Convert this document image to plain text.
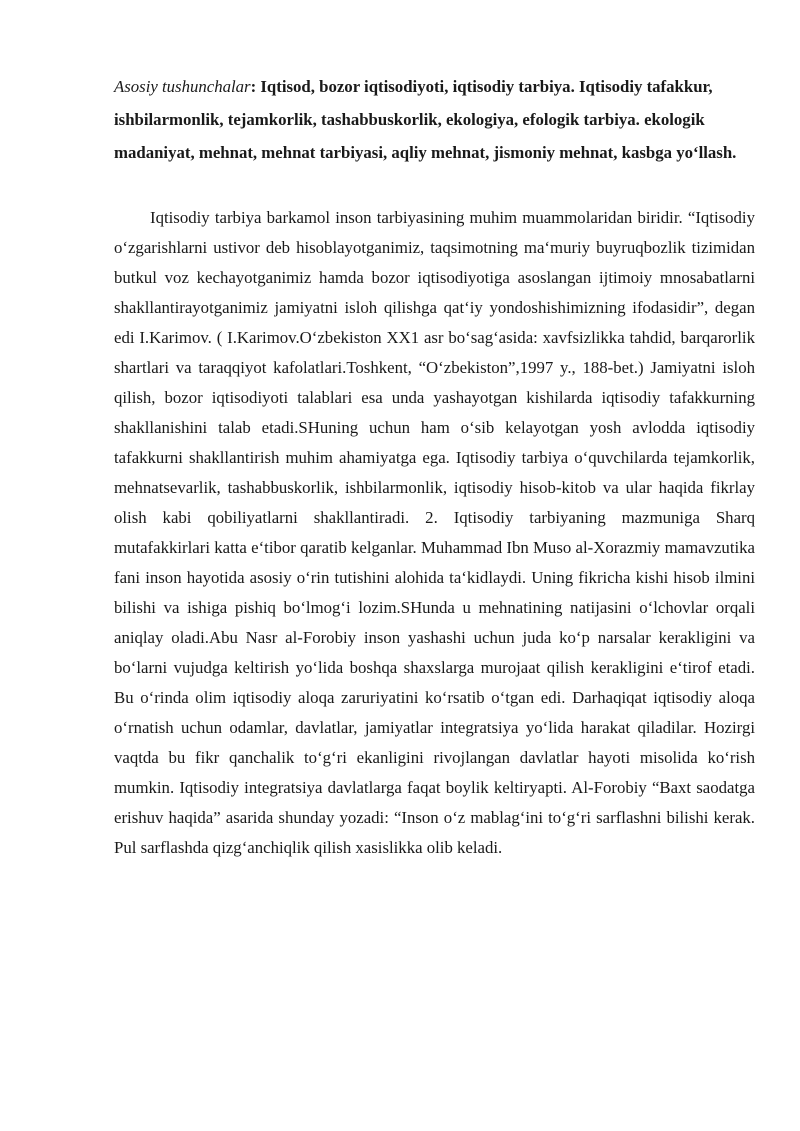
Asosiy tushunchalar: Iqtisod, bozor iqtisodiyoti, iqtisodiy tarbiya. Iqtisodiy tafakkur, ishbilarmonlik, tejamkorlik, tashabbuskorlik, ekologiya, efologik tarbiya. ekologik madaniyat, mehnat, mehnat tarbiyasi, aqliy mehnat, jismoniy mehnat, kasbga yo‘llash.

Iqtisodiy tarbiya barkamol inson tarbiyasining muhim muammolaridan biridir. “Iqtisodiy o‘zgarishlarni ustivor deb hisoblayotganimiz, taqsimotning ma‘muriy buyruqbozlik tizimidan butkul voz kechayotganimiz hamda bozor iqtisodiyotiga asoslangan ijtimoiy mnosabatlarni shakllantirayotganimiz jamiyatni isloh qilishga qat‘iy yondoshishimizning ifodasidir”, degan edi I.Karimov. ( I.Karimov.O‘zbekiston XX1 asr bo‘sag‘asida: xavfsizlikka tahdid, barqarorlik shartlari va taraqqiyot kafolatlari.Toshkent, “O‘zbekiston”,1997 y., 188-bet.) Jamiyatni isloh qilish, bozor iqtisodiyoti talablari esa unda yashayotgan kishilarda iqtisodiy tafakkurning shakllanishini talab etadi.SHuning uchun ham o‘sib kelayotgan yosh avlodda iqtisodiy tafakkurni shakllantirish muhim ahamiyatga ega. Iqtisodiy tarbiya o‘quvchilarda tejamkorlik, mehnatsevarlik, tashabbuskorlik, ishbilarmonlik, iqtisodiy hisob-kitob va ular haqida fikrlay olish kabi qobiliyatlarni shakllantiradi. 2. Iqtisodiy tarbiyaning mazmuniga Sharq mutafakkirlari katta e‘tibor qaratib kelganlar. Muhammad Ibn Muso al-Xorazmiy mamavzutika fani inson hayotida asosiy o‘rin tutishini alohida ta‘kidlaydi. Uning fikricha kishi hisob ilmini bilishi va ishiga pishiq bo‘lmog‘i lozim.SHunda u mehnatining natijasini o‘lchovlar orqali aniqlay oladi.Abu Nasr al-Forobiy inson yashashi uchun juda ko‘p narsalar kerakligini va bo‘larni vujudga keltirish yo‘lida boshqa shaxslarga murojaat qilish kerakligini e‘tirof etadi. Bu o‘rinda olim iqtisodiy aloqa zaruriyatini ko‘rsatib o‘tgan edi. Darhaqiqat iqtisodiy aloqa o‘rnatish uchun odamlar, davlatlar, jamiyatlar integratsiya yo‘lida harakat qiladilar. Hozirgi vaqtda bu fikr qanchalik to‘g‘ri ekanligini rivojlangan davlatlar hayoti misolida ko‘rish mumkin. Iqtisodiy integratsiya davlatlarga faqat boylik keltiryapti. Al-Forobiy “Baxt saodatga erishuv haqida” asarida shunday yozadi: “Inson o‘z mablag‘ini to‘g‘ri sarflashni bilishi kerak. Pul sarflashda qizg‘anchiqlik qilish xasislikka olib keladi.
